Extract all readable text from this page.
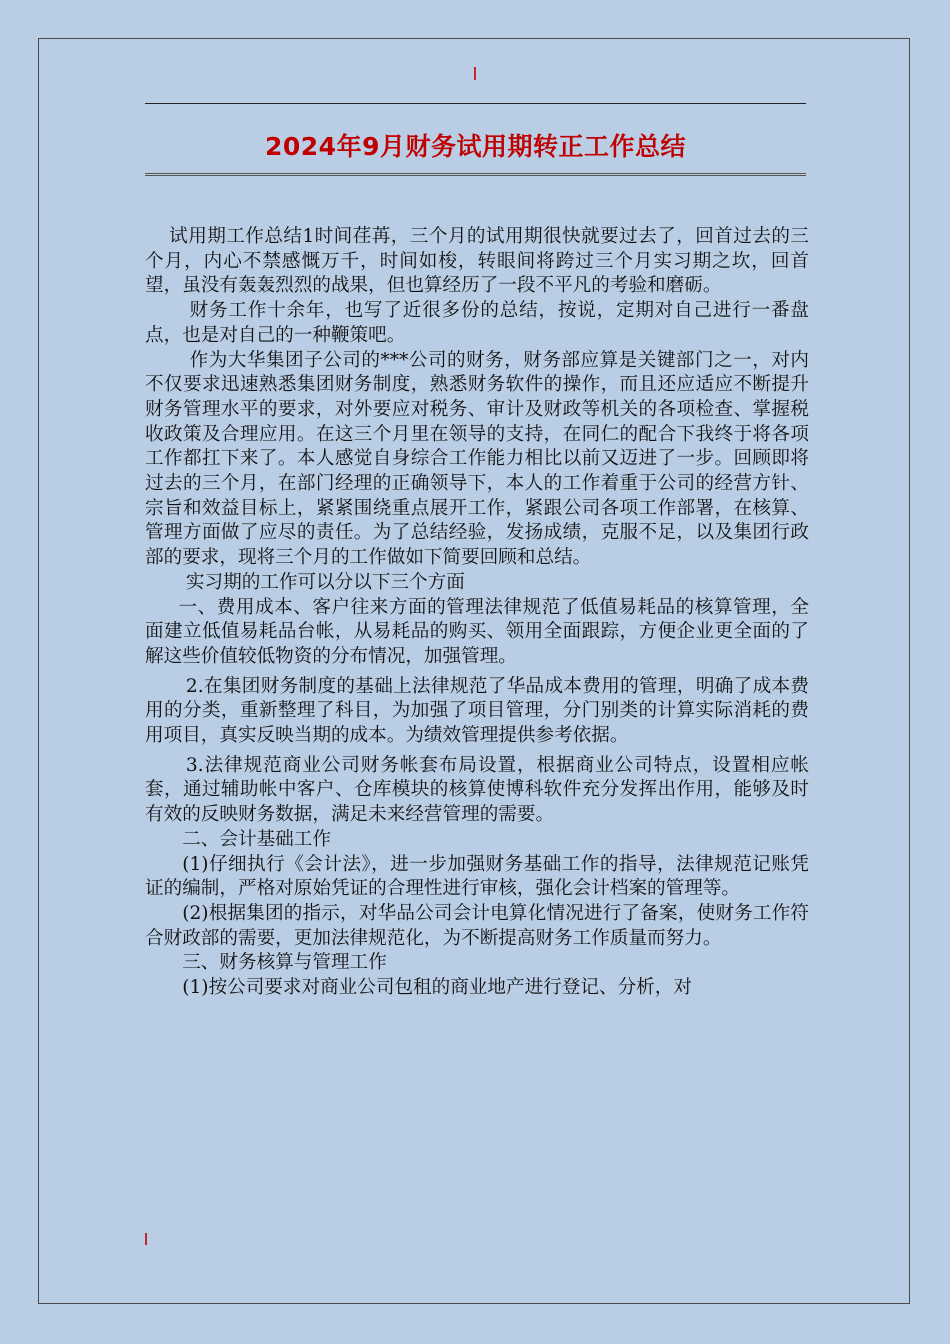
2024年9月财务试用期转正工作总结

试用期工作总结1时间荏苒，三个月的试用期很快就要过去了，回首过去的三个月，内心不禁感慨万千，时间如梭，转眼间将跨过三个月实习期之坎，回首望，虽没有轰轰烈烈的战果，但也算经历了一段不平凡的考验和磨砺。

财务工作十余年，也写了近很多份的总结，按说，定期对自己进行一番盘点，也是对自己的一种鞭策吧。

作为大华集团子公司的***公司的财务，财务部应算是关键部门之一，对内不仅要求迅速熟悉集团财务制度，熟悉财务软件的操作，而且还应适应不断提升财务管理水平的要求，对外要应对税务、审计及财政等机关的各项检查、掌握税收政策及合理应用。在这三个月里在领导的支持，在同仁的配合下我终于将各项工作都扛下来了。本人感觉自身综合工作能力相比以前又迈进了一步。回顾即将过去的三个月，在部门经理的正确领导下，本人的工作着重于公司的经营方针、宗旨和效益目标上，紧紧围绕重点展开工作，紧跟公司各项工作部署，在核算、管理方面做了应尽的责任。为了总结经验，发扬成绩，克服不足，以及集团行政部的要求，现将三个月的工作做如下简要回顾和总结。

实习期的工作可以分以下三个方面

一、费用成本、客户往来方面的管理法律规范了低值易耗品的核算管理，全面建立低值易耗品台帐，从易耗品的购买、领用全面跟踪，方便企业更全面的了解这些价值较低物资的分布情况，加强管理。

2.在集团财务制度的基础上法律规范了华品成本费用的管理，明确了成本费用的分类，重新整理了科目，为加强了项目管理，分门别类的计算实际消耗的费用项目，真实反映当期的成本。为绩效管理提供参考依据。

3.法律规范商业公司财务帐套布局设置，根据商业公司特点，设置相应帐套，通过辅助帐中客户、仓库模块的核算使博科软件充分发挥出作用，能够及时有效的反映财务数据，满足未来经营管理的需要。

二、会计基础工作

(1)仔细执行《会计法》，进一步加强财务基础工作的指导，法律规范记账凭证的编制，严格对原始凭证的合理性进行审核，强化会计档案的管理等。

(2)根据集团的指示，对华品公司会计电算化情况进行了备案，使财务工作符合财政部的需要，更加法律规范化，为不断提高财务工作质量而努力。

三、财务核算与管理工作

(1)按公司要求对商业公司包租的商业地产进行登记、分析，对
